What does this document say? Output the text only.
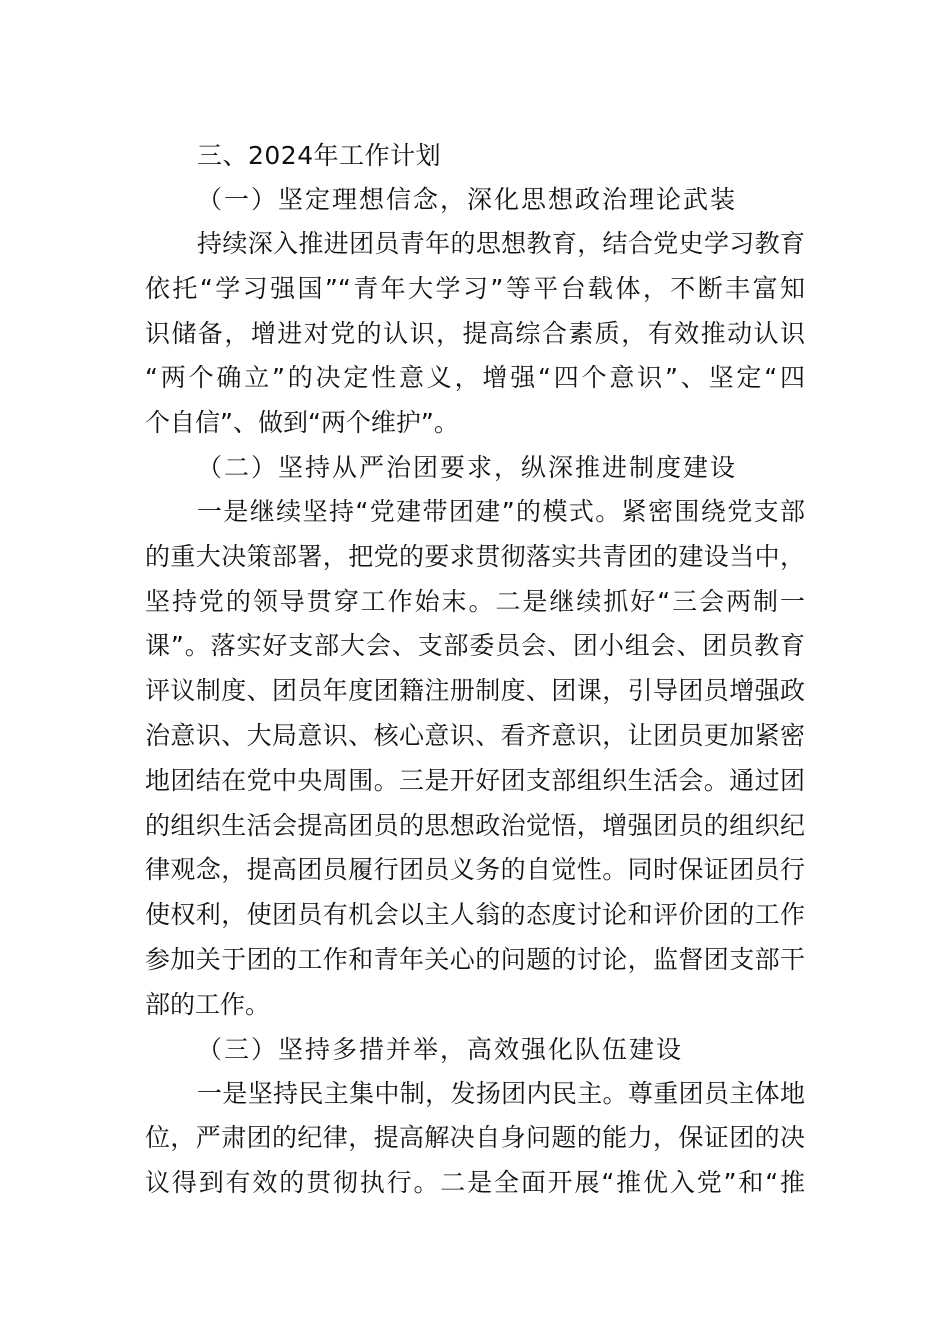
三、2024年工作计划
（一）坚定理想信念，深化思想政治理论武装
持续深入推进团员青年的思想教育，结合党史学习教育
依托“学习强国”“青年大学习”等平台载体，不断丰富知
识储备，增进对党的认识，提高综合素质，有效推动认识
“两个确立”的决定性意义，增强“四个意识”、坚定“四
个自信”、做到“两个维护”。
（二）坚持从严治团要求，纵深推进制度建设
一是继续坚持“党建带团建”的模式。紧密围绕党支部
的重大决策部署，把党的要求贯彻落实共青团的建设当中，
坚持党的领导贯穿工作始末。二是继续抓好“三会两制一
课”。落实好支部大会、支部委员会、团小组会、团员教育
评议制度、团员年度团籍注册制度、团课，引导团员增强政
治意识、大局意识、核心意识、看齐意识，让团员更加紧密
地团结在党中央周围。三是开好团支部组织生活会。通过团
的组织生活会提高团员的思想政治觉悟，增强团员的组织纪
律观念，提高团员履行团员义务的自觉性。同时保证团员行
使权利，使团员有机会以主人翁的态度讨论和评价团的工作
参加关于团的工作和青年关心的问题的讨论，监督团支部干
部的工作。
（三）坚持多措并举，高效强化队伍建设
一是坚持民主集中制，发扬团内民主。尊重团员主体地
位，严肃团的纪律，提高解决自身问题的能力，保证团的决
议得到有效的贯彻执行。二是全面开展“推优入党”和“推
